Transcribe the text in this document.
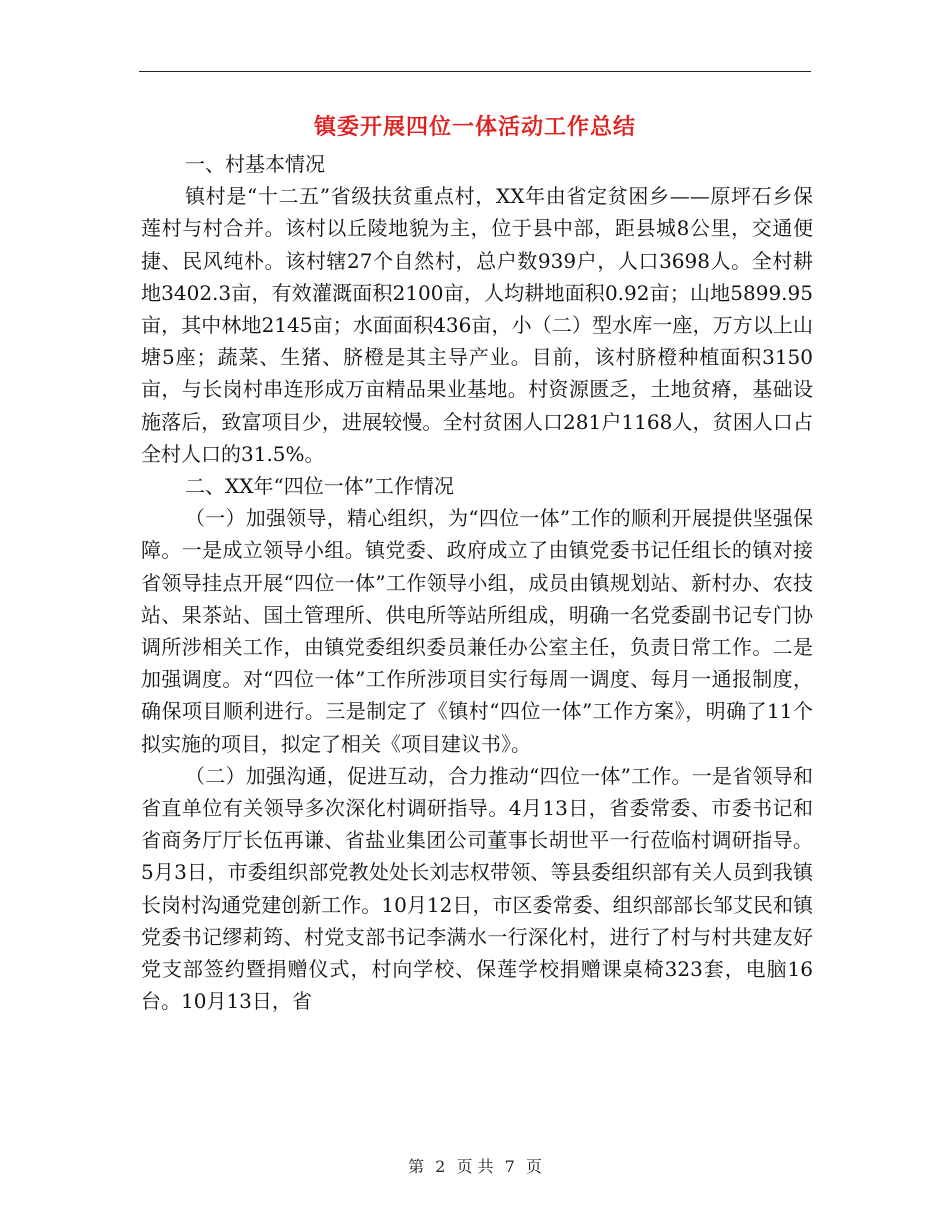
镇委开展四位一体活动工作总结

一、村基本情况

镇村是“十二五”省级扶贫重点村，XX年由省定贫困乡——原坪石乡保莲村与村合并。该村以丘陵地貌为主，位于县中部，距县城8公里，交通便捷、民风纯朴。该村辖27个自然村，总户数939户，人口3698人。全村耕地3402.3亩，有效灌溉面积2100亩，人均耕地面积0.92亩；山地5899.95亩，其中林地2145亩；水面面积436亩，小（二）型水库一座，万方以上山塘5座；蔬菜、生猪、脐橙是其主导产业。目前，该村脐橙种植面积3150亩，与长岗村串连形成万亩精品果业基地。村资源匮乏，土地贫瘠，基础设施落后，致富项目少，进展较慢。全村贫困人口281户1168人，贫困人口占全村人口的31.5%。

二、XX年“四位一体”工作情况

（一）加强领导，精心组织，为“四位一体”工作的顺利开展提供坚强保障。一是成立领导小组。镇党委、政府成立了由镇党委书记任组长的镇对接省领导挂点开展“四位一体”工作领导小组，成员由镇规划站、新村办、农技站、果茶站、国土管理所、供电所等站所组成，明确一名党委副书记专门协调所涉相关工作，由镇党委组织委员兼任办公室主任，负责日常工作。二是加强调度。对“四位一体”工作所涉项目实行每周一调度、每月一通报制度，确保项目顺利进行。三是制定了《镇村“四位一体”工作方案》，明确了11个拟实施的项目，拟定了相关《项目建议书》。

（二）加强沟通，促进互动，合力推动“四位一体”工作。一是省领导和省直单位有关领导多次深化村调研指导。4月13日，省委常委、市委书记和省商务厅厅长伍再谦、省盐业集团公司董事长胡世平一行莅临村调研指导。5月3日，市委组织部党教处处长刘志权带领、等县委组织部有关人员到我镇长岗村沟通党建创新工作。10月12日，市区委常委、组织部部长邹艾民和镇党委书记缪莉筠、村党支部书记李满水一行深化村，进行了村与村共建友好党支部签约暨捐赠仪式，村向学校、保莲学校捐赠课桌椅323套，电脑16台。10月13日，省

第 2 页 共 7 页
